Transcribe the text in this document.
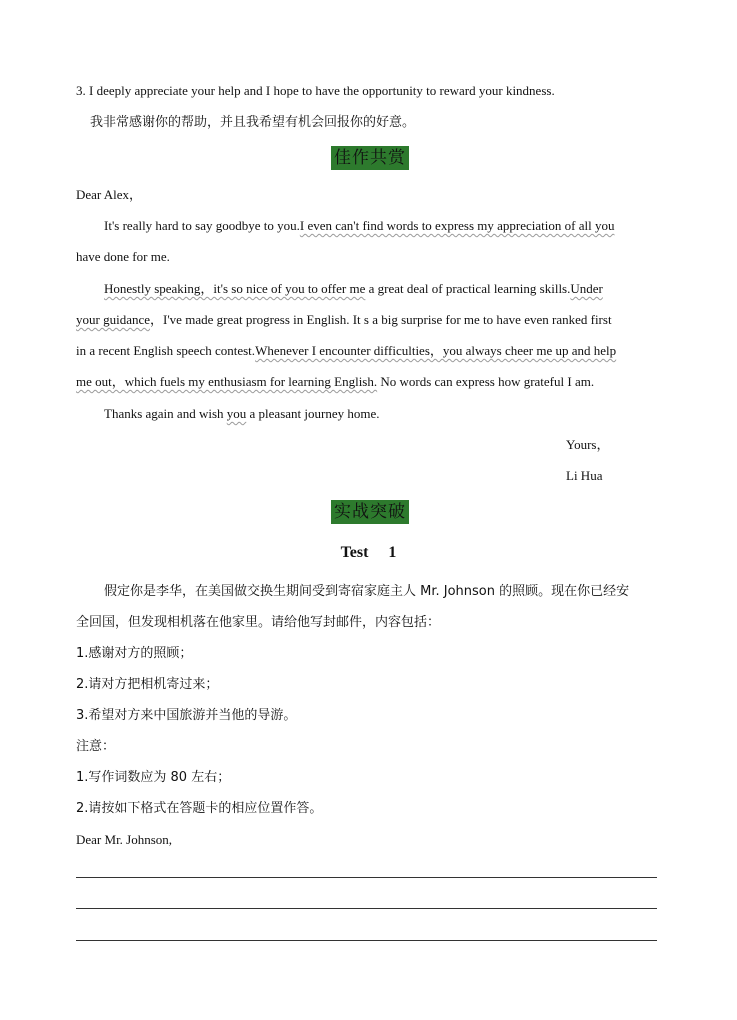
3. I deeply appreciate your help and I hope to have the opportunity to reward your kindness.
我非常感谢你的帮助，并且我希望有机会回报你的好意。
佳作共赏
Dear Alex，
It's really hard to say goodbye to you.I even can't find words to express my appreciation of all you
have done for me.
Honestly speaking，it's so nice of you to offer me a great deal of practical learning skills.Under
your guidance，I've made great progress in English. It s a big surprise for me to have even ranked first
in a recent English speech contest.Whenever I encounter difficulties，you always cheer me up and help
me out，which fuels my enthusiasm for learning English. No words can express how grateful I am.
Thanks again and wish you a pleasant journey home.
Yours，
Li Hua
实战突破
Test 1
假定你是李华，在美国做交换生期间受到寄宿家庭主人 Mr. Johnson 的照顾。现在你已经安
全回国，但发现相机落在他家里。请给他写封邮件，内容包括：
1.感谢对方的照顾；
2.请对方把相机寄过来；
3.希望对方来中国旅游并当他的导游。
注意：
1.写作词数应为 80 左右；
2.请按如下格式在答题卡的相应位置作答。
Dear Mr. Johnson,
